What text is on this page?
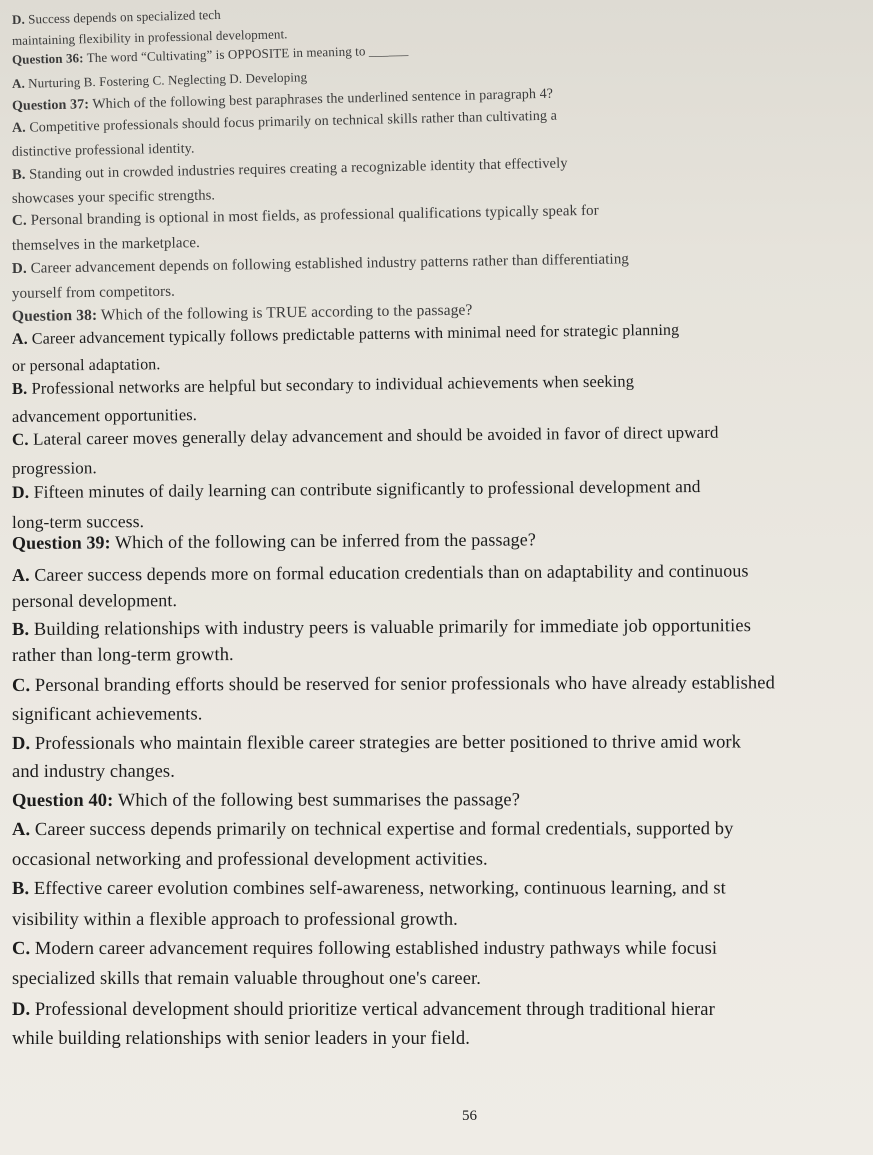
D. Success depends on specialized tech
maintaining flexibility in professional development.
Question 36: The word “Cultivating” is OPPOSITE in meaning to ______
A. Nurturing B. Fostering C. Neglecting D. Developing
Question 37: Which of the following best paraphrases the underlined sentence in paragraph 4?
A. Competitive professionals should focus primarily on technical skills rather than cultivating a
distinctive professional identity.
B. Standing out in crowded industries requires creating a recognizable identity that effectively
showcases your specific strengths.
C. Personal branding is optional in most fields, as professional qualifications typically speak for
themselves in the marketplace.
D. Career advancement depends on following established industry patterns rather than differentiating
yourself from competitors.
Question 38: Which of the following is TRUE according to the passage?
A. Career advancement typically follows predictable patterns with minimal need for strategic planning
or personal adaptation.
B. Professional networks are helpful but secondary to individual achievements when seeking
advancement opportunities.
C. Lateral career moves generally delay advancement and should be avoided in favor of direct upward
progression.
D. Fifteen minutes of daily learning can contribute significantly to professional development and
long-term success.
Question 39: Which of the following can be inferred from the passage?
A. Career success depends more on formal education credentials than on adaptability and continuous
personal development.
B. Building relationships with industry peers is valuable primarily for immediate job opportunities
rather than long-term growth.
C. Personal branding efforts should be reserved for senior professionals who have already established
significant achievements.
D. Professionals who maintain flexible career strategies are better positioned to thrive amid work
and industry changes.
Question 40: Which of the following best summarises the passage?
A. Career success depends primarily on technical expertise and formal credentials, supported by
occasional networking and professional development activities.
B. Effective career evolution combines self-awareness, networking, continuous learning, and st
visibility within a flexible approach to professional growth.
C. Modern career advancement requires following established industry pathways while focusi
specialized skills that remain valuable throughout one's career.
D. Professional development should prioritize vertical advancement through traditional hierar
while building relationships with senior leaders in your field.
56
